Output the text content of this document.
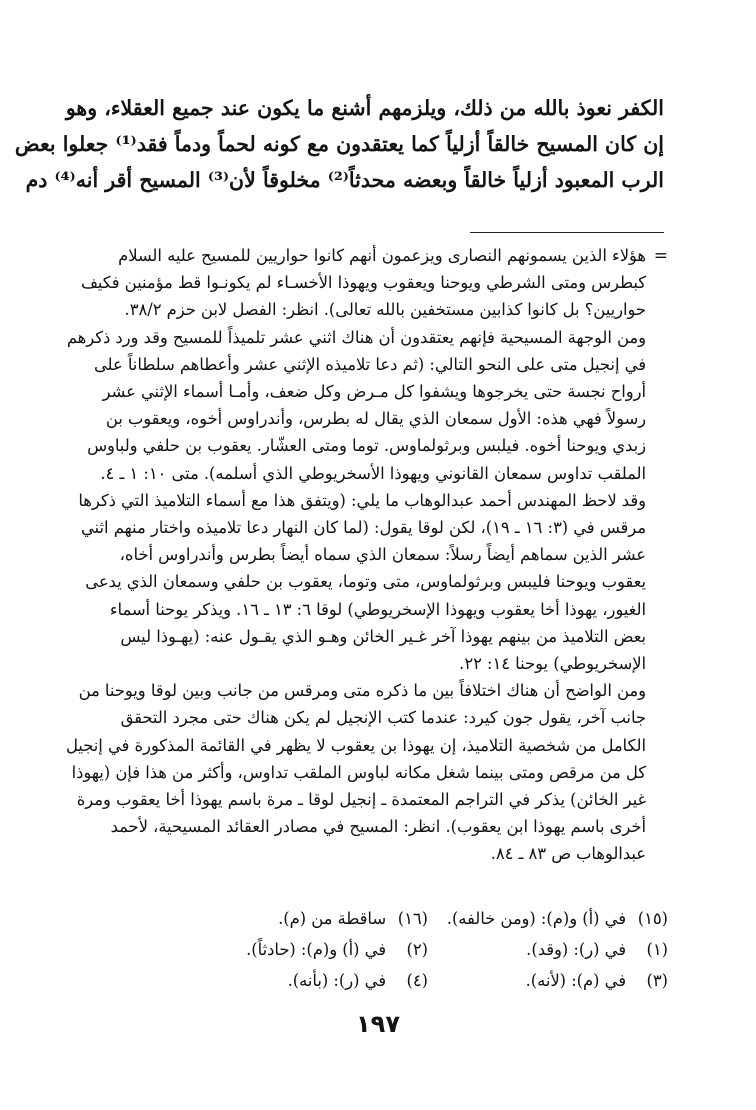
الكفر نعوذ بالله من ذلك، ويلزمهم أشنع ما يكون عند جميع العقلاء، وهو
إن كان المسيح خالقاً أزلياً كما يعتقدون مع كونه لحماً ودماً فقد⁽¹⁾ جعلوا بعض
الرب المعبود أزلياً خالقاً وبعضه محدثاً⁽²⁾ مخلوقاً لأن⁽³⁾ المسيح أقر أنه⁽⁴⁾ دم
=
هؤلاء الذين يسمونهم النصارى ويزعمون أنهم كانوا حواريين للمسيح عليه السلام
كبطرس ومتى الشرطي ويوحنا ويعقوب ويهوذا الأخسـاء لم يكونـوا قط مؤمنين فكيف
حواريين؟ بل كانوا كذابين مستخفين بالله تعالى). انظر: الفصل لابن حزم ٣٨/٢.
ومن الوجهة المسيحية فإنهم يعتقدون أن هناك اثني عشر تلميذاً للمسيح وقد ورد ذكرهم
في إنجيل متى على النحو التالي: (ثم دعا تلاميذه الإثني عشر وأعطاهم سلطاناً على
أرواح نجسة حتى يخرجوها ويشفوا كل مـرض وكل ضعف، وأمـا أسماء الإثني عشر
رسولاً فهي هذه: الأول سمعان الذي يقال له بطرس، وأندراوس أخوه، ويعقوب بن
زبدي ويوحنا أخوه. فيلبس وبرثولماوس. توما ومتى العشّار. يعقوب بن حلفي ولباوس
الملقب تداوس سمعان القانوني ويهوذا الأسخريوطي الذي أسلمه). متى ١٠: ١ ـ ٤.
وقد لاحظ المهندس أحمد عبدالوهاب ما يلي: (ويتفق هذا مع أسماء التلاميذ التي ذكرها
مرقس في (٣: ١٦ ـ ١٩)، لكن لوقا يقول: (لما كان النهار دعا تلاميذه واختار منهم اثني
عشر الذين سماهم أيضاً رسلاً: سمعان الذي سماه أيضاً بطرس وأندراوس أخاه،
يعقوب ويوحنا فليبس وبرثولماوس، متى وتوما، يعقوب بن حلفي وسمعان الذي يدعى
الغيور، يهوذا أخا يعقوب ويهوذا الإسخريوطي) لوقا ٦: ١٣ ـ ١٦. ويذكر يوحنا أسماء
بعض التلاميذ من بينهم يهوذا آخر غـير الخائن وهـو الذي يقـول عنه: (يهـوذا ليس
الإسخريوطي) يوحنا ١٤: ٢٢.
ومن الواضح أن هناك اختلافاً بين ما ذكره متى ومرقس من جانب وبين لوقا ويوحنا من
جانب آخر، يقول جون كيرد: عندما كتب الإنجيل لم يكن هناك حتى مجرد التحقق
الكامل من شخصية التلاميذ، إن يهوذا بن يعقوب لا يظهر في القائمة المذكورة في إنجيل
كل من مرقص ومتى بينما شغل مكانه لباوس الملقب تداوس، وأكثر من هذا فإن (يهوذا
غير الخائن) يذكر في التراجم المعتمدة ـ إنجيل لوقا ـ مرة باسم يهوذا أخا يعقوب ومرة
أخرى باسم يهوذا ابن يعقوب). انظر: المسيح في مصادر العقائد المسيحية، لأحمد
عبدالوهاب ص ٨٣ ـ ٨٤.
(١٥)في (أ) و(م): (ومن خالفه).
(١٦)ساقطة من (م).
(١)في (ر): (وقد).
(٢)في (أ) و(م): (حادثاً).
(٣)في (م): (لأنه).
(٤)في (ر): (بأنه).
١٩٧
